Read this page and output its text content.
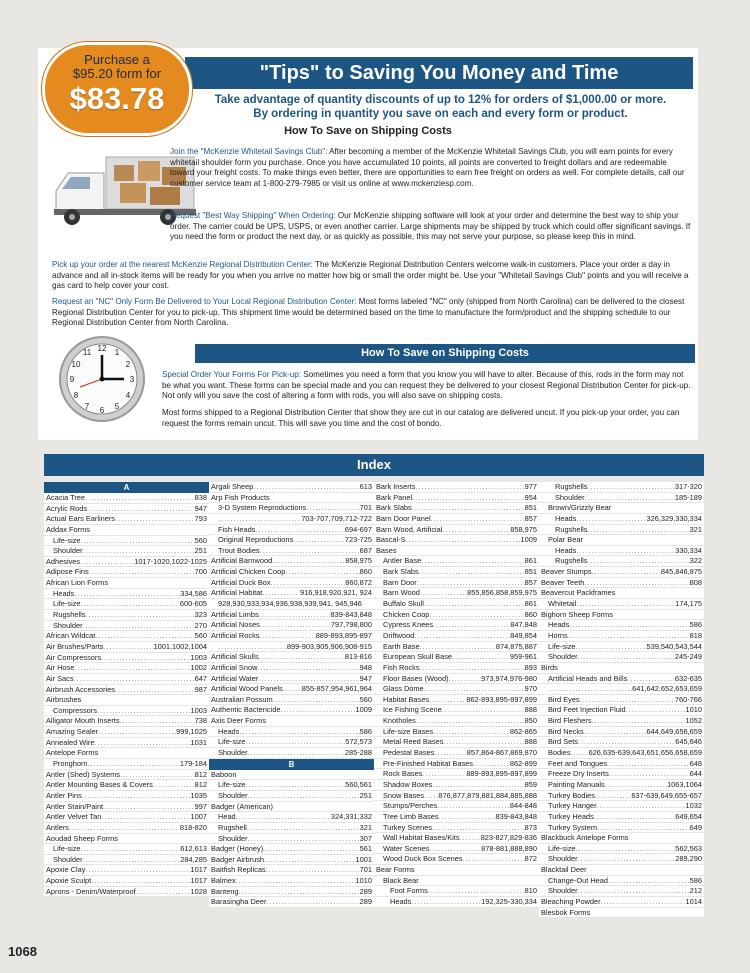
"Tips" to Saving You Money and Time
Take advantage of quantity discounts of up to 12% for orders of $1,000.00 or more.
By ordering in quantity you save on each and every form or product.
How To Save on Shipping Costs
Join the "McKenzie Whitetail Savings Club": After becoming a member of the McKenzie Whitetail Savings Club, you will earn points for every whitetail shoulder form you purchase. Once you have accumulated 10 points, all points are converted to freight dollars and are redeemable toward your freight costs. To make things even better, there are opportunities to earn free freight on orders as well. For complete details, call our customer service team at 1-800-279-7985 or visit us online at www.mckenziesp.com.
Request "Best Way Shipping" When Ordering: Our McKenzie shipping software will look at your order and determine the best way to ship your order. The carrier could be UPS, USPS, or even another carrier. Large shipments may be shipped by truck which could offer significant savings. If you need the form or product the next day, or as quickly as possible, this may not serve your purpose, so please keep this in mind.
Pick up your order at the nearest McKenzie Regional Distribution Center: The McKenzie Regional Distribution Centers welcome walk-in customers. Place your order a day in advance and all in-stock items will be ready for you when you arrive no matter how big or small the order might be. Use your "Whitetail Savings Club" points and you will receive a gas card to help cover your cost.
Request an "NC" Only Form Be Delivered to Your Local Regional Distribution Center: Most forms labeled "NC" only (shipped from North Carolina) can be delivered to the closest Regional Distribution Center for you to pick-up. This shipment time would be determined based on the time to manufacture the form/product and the shipping schedule to our Regional Distribution Center from North Carolina.
12
3
6
9
1
2
4
5
7
8
10
11	How To Save on Shipping Costs
Special Order Your Forms For Pick-up: Sometimes you need a form that you know you will have to alter. Because of this, rods in the form may not be what you want. These forms can be special made and you can request they be delivered to your closest Regional Distribution Center for pick-up. Not only will you save the cost of altering a form with rods, you will also save on shipping costs.
Most forms shipped to a Regional Distribution Center that show they are cut in our catalog are delivered uncut. If you pick-up your order, you can request the forms remain uncut. This will save you time and the cost of bondo.
Purchase a
$95.20 form for
$83.78
Index
A
Acacia Tree .....	838
Acrylic Rods .....	947
Actual Ears Earliners .....	793
Addax Forms
Life-size .....	560
Shoulder .....	251
Adhesives .....	1017-1020,1022-1025
Adipose Fins .....	700
African Lion Forms
Heads .....	334,586
Life-size .....	600-605
Rugshells .....	323
Shoulder .....	270
African Wildcat .....	560
Air Brushes/Parts .....	1001,1002,1004
Air Compressors .....	1003
Air Hose .....	1002
Air Sacs .....	647
Airbrush Accessories .....	987
Airbrushes
Compressors .....	1003
Alligator Mouth Inserts .....	738
Amazing Sealer .....	999,1025
Annealed Wire .....	1031
Antelope Forms
Pronghorn .....	179-184
Antler (Shed) Systems .....	812
Antler Mounting Bases & Covers .....	812
Antler Pins .....	1035
Antler Stain/Paint .....	997
Antler Velvet Tan .....	1007
Antlers .....	818-820
Aoudad Sheep Forms
Life-size .....	612,613
Shoulder .....	284,285
Apoxie Clay .....	1017
Apoxie Sculpt .....	1017
Aprons - Denim/Waterproof .....	1028
Argali Sheep .....	613
Arp Fish Products
3-D System Reproductions .....	701
.....
703-707,709,712-722
Fish Heads .....	694-697
Original Reproductions .....	723-725
Trout Bodies .....	687
Artificial Barnwood .....	858,975
Artificial Chicken Coop .....	860
Artificial Duck Box .....	860,872
Artificial Habitat .....	916,918,920,921, 924
928,930,933,934,936,938,939,941, 945,946
Artificial Limbs .....	839-843,848
Artificial Noses .....	797,798,800
Artificial Rocks .....	889-893,895-897
.....
899-903,905,906,908-915
Artificial Skulls .....	813-816
Artificial Snow .....	948
Artificial Water .....	947
Artificial Wood Panels .....	855-857,954,961,964
Australian Possum .....	560
Authentic Bactericide .....	1009
Axis Deer Forms
Heads .....	586
Life-size .....	572,573
Shoulder .....	285-288
B
Baboon
Life-size .....	560,561
Shoulder .....	251
Badger (American)
Head .....	324,331,332
Rugshell .....	321
Shoulder .....	307
Badger (Honey) .....	561
Badger Airbrush .....	1001
Baitfish Replicas .....	701
Balmex .....	1010
Banteng .....	289
Barasingha Deer .....	289
Bark Inserts .....	977
Bark Panel .....	954
Bark Slabs .....	851
Barn Door Panel .....	857
Barn Wood, Artificial .....	858,975
Bascal-S .....	1009
Bases
Antler Base .....	861
Bark Slabs .....	851
Barn Door .....	857
Barn Wood .....	855,856,858,859,975
Buffalo Skull .....	861
Chicken Coop .....	860
Cypress Knees .....	847,848
Driftwood .....	849,854
Earth Base .....	874,875,887
European Skull Base .....	959-961
Fish Rocks .....	893
Floor Bases (Wood) .....	973,974,976-980
Glass Dome .....	970
Habitat Bases .....	862-893,895-897,899
Ice Fishing Scene .....	888
Knotholes .....	850
Life-size Bases .....	862-865
Metal Reed Bases .....	888
Pedestal Bases .....	857,864-867,869,870
Pre-Finished Habitat Bases .....	862-899
Rock Bases .....	889-893,895-897,899
Shadow Boxes .....	859
Snow Bases ..... 876,877,879,881,884,885,888
Stumps/Perches .....	844-848
Tree Limb Bases .....	839-843,848
Turkey Scenes .....	873
Wall Habitat Bases/Kits .....	823-827,829-836
Water Scenes .....	878-881,888,890
Wood Duck Box Scenes .....	872
Bear Forms
Black Bear
Foot Forms .....	810
Heads .....	192,325-330,334
Rugshells .....	317-320
Shoulder .....	185-189
Brown/Grizzly Bear
Heads .....	326,329,330,334
Rugshells .....	321
Polar Bear
Heads .....	330,334
Rugshells .....	322
Beaver Stumps .....	845,846,875
Beaver Teeth .....	808
Beavercut Packframes
Whitetail .....	174,175
Bighorn Sheep Forms
Heads .....	586
Horns .....	818
Life-size .....	539,540,543,544
Shoulder .....	245-249
Birds
Artificial Heads and Bills .....	632-635
.....
641,642,652,653,659
Bird Eyes .....	760-766
Bird Feet Injection Fluid .....	1010
Bird Fleshers .....	1052
Bird Necks .....	644,649,656,659
Bird Sets .....	645,646
Bodies ..... 626,635-639,643,651,656,658,659
Feet and Tongues .....	648
Freeze Dry Inserts .....	644
Painting Manuals .....	1063,1064
Turkey Bodies .....	637-639,649,655-657
Turkey Hanger .....	1032
Turkey Heads .....	649,654
Turkey System .....	649
Blackbuck Antelope Forms
Life-size .....	562,563
Shoulder .....	289,290
Blacktail Deer
Change-Out Head .....	586
Shoulder .....	212
Bleaching Powder .....	1014
Blesbok Forms
1068
